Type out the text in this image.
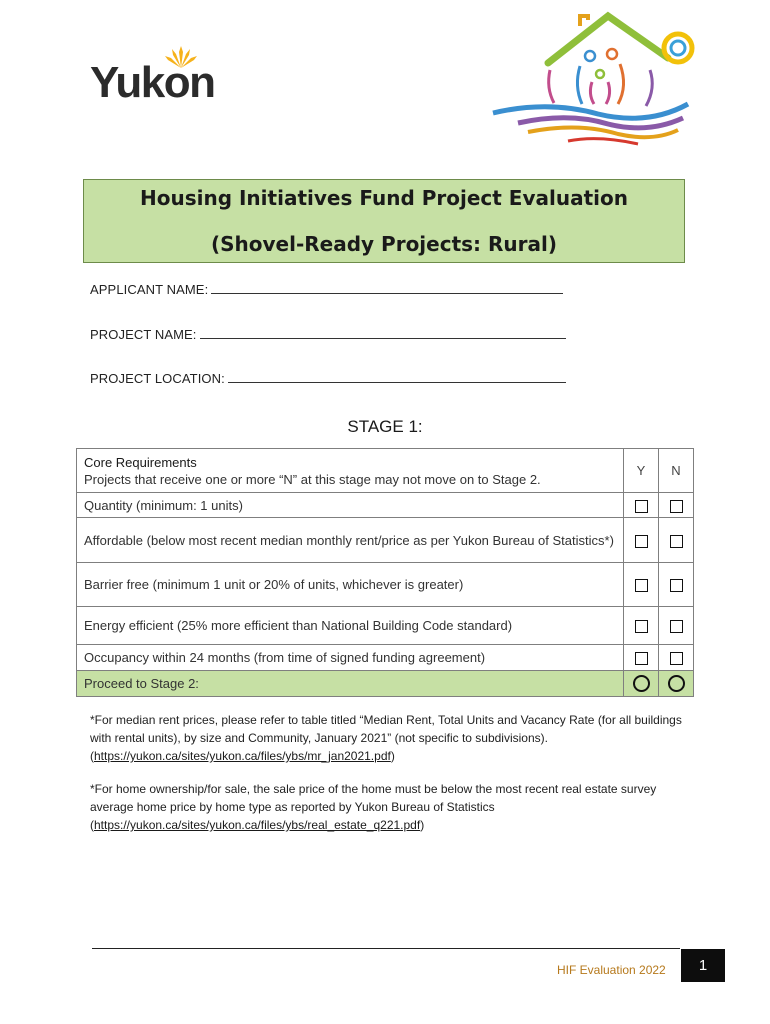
Yukon
Housing Initiatives Fund Project Evaluation
(Shovel-Ready Projects: Rural)
APPLICANT NAME:
PROJECT NAME:
PROJECT LOCATION:
STAGE 1:
Core Requirements
Projects that receive one or more “N” at this stage may not move on to Stage 2.	Y	N
Quantity (minimum: 1 units)		
Affordable (below most recent median monthly rent/price as per Yukon Bureau of Statistics*)		
Barrier free (minimum 1 unit or 20% of units, whichever is greater)		
Energy efficient (25% more efficient than National Building Code standard)		
Occupancy within 24 months (from time of signed funding agreement)		
Proceed to Stage 2:		
*For median rent prices, please refer to table titled “Median Rent, Total Units and Vacancy Rate (for all buildings with rental units), by size and Community, January 2021” (not specific to subdivisions).
(https://yukon.ca/sites/yukon.ca/files/ybs/mr_jan2021.pdf)
*For home ownership/for sale, the sale price of the home must be below the most recent real estate survey average home price by home type as reported by Yukon Bureau of Statistics
(https://yukon.ca/sites/yukon.ca/files/ybs/real_estate_q221.pdf)
HIF Evaluation 2022	1
